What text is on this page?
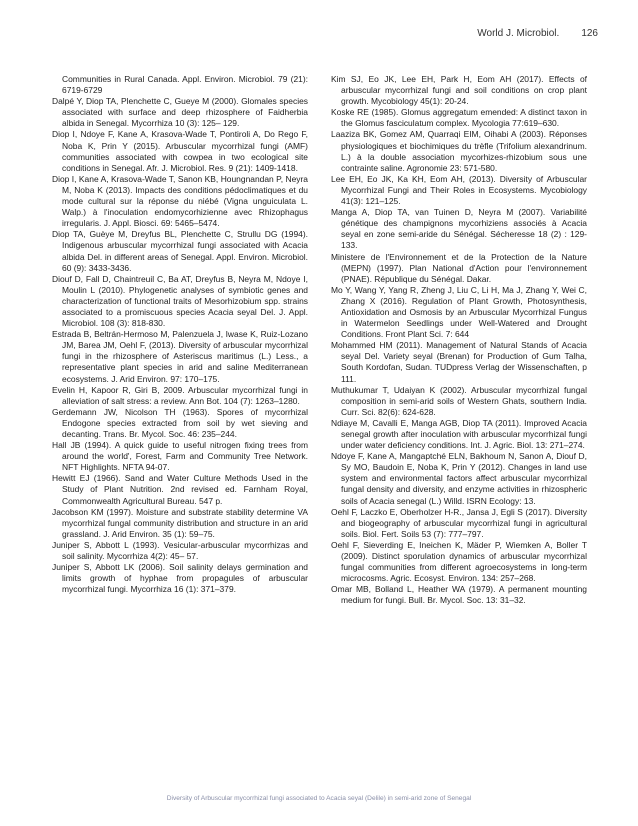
World J. Microbiol. 126

Communities in Rural Canada. Appl. Environ. Microbiol. 79 (21): 6719-6729

Dalpé Y, Diop TA, Plenchette C, Gueye M (2000). Glomales species associated with surface and deep rhizosphere of Faidherbia albida in Senegal. Mycorrhiza 10 (3): 125– 129.

Diop I, Ndoye F, Kane A, Krasova-Wade T, Pontiroli A, Do Rego F, Noba K, Prin Y (2015). Arbuscular mycorrhizal fungi (AMF) communities associated with cowpea in two ecological site conditions in Senegal. Afr. J. Microbiol. Res. 9 (21): 1409-1418.

Diop I, Kane A, Krasova-Wade T, Sanon KB, Houngnandan P, Neyra M, Noba K (2013). Impacts des conditions pédoclimatiques et du mode cultural sur la réponse du niébé (Vigna unguiculata L. Walp.) à l'inoculation endomycorhizienne avec Rhizophagus irregularis. J. Appl. Biosci. 69: 5465–5474.

Diop TA, Guèye M, Dreyfus BL, Plenchette C, Strullu DG (1994). Indigenous arbuscular mycorrhizal fungi associated with Acacia albida Del. in different areas of Senegal. Appl. Environ. Microbiol. 60 (9): 3433-3436.

Diouf D, Fall D, Chaintreuil C, Ba AT, Dreyfus B, Neyra M, Ndoye I, Moulin L (2010). Phylogenetic analyses of symbiotic genes and characterization of functional traits of Mesorhizobium spp. strains associated to a promiscuous species Acacia seyal Del. J. Appl. Microbiol. 108 (3): 818-830.

Estrada B, Beltrán-Hermoso M, Palenzuela J, Iwase K, Ruiz-Lozano JM, Barea JM, Oehl F, (2013). Diversity of arbuscular mycorrhizal fungi in the rhizosphere of Asteriscus maritimus (L.) Less., a representative plant species in arid and saline Mediterranean ecosystems. J. Arid Environ. 97: 170–175.

Evelin H, Kapoor R, Giri B, 2009. Arbuscular mycorrhizal fungi in alleviation of salt stress: a review. Ann Bot. 104 (7): 1263–1280.

Gerdemann JW, Nicolson TH (1963). Spores of mycorrhizal Endogone species extracted from soil by wet sieving and decanting. Trans. Br. Mycol. Soc. 46: 235–244.

Hall JB (1994). A quick guide to useful nitrogen fixing trees from around the world', Forest, Farm and Community Tree Network. NFT Highlights. NFTA 94-07.

Hewitt EJ (1966). Sand and Water Culture Methods Used in the Study of Plant Nutrition. 2nd revised ed. Farnham Royal, Commonwealth Agricultural Bureau. 547 p.

Jacobson KM (1997). Moisture and substrate stability determine VA mycorrhizal fungal community distribution and structure in an arid grassland. J. Arid Environ. 35 (1): 59–75.

Juniper S, Abbott L (1993). Vesicular-arbuscular mycorrhizas and soil salinity. Mycorrhiza 4(2): 45– 57.

Juniper S, Abbott LK (2006). Soil salinity delays germination and limits growth of hyphae from propagules of arbuscular mycorrhizal fungi. Mycorrhiza 16 (1): 371–379.

Kim SJ, Eo JK, Lee EH, Park H, Eom AH (2017). Effects of arbuscular mycorrhizal fungi and soil conditions on crop plant growth. Mycobiology 45(1): 20-24.

Koske RE (1985). Glomus aggregatum emended: A distinct taxon in the Glomus fasciculatum complex. Mycologia 77:619–630.

Laaziza BK, Gomez AM, Quarraqi EIM, Oihabi A (2003). Réponses physiologiques et biochimiques du trèfle (Trifolium alexandrinum. L.) à la double association mycorhizes-rhizobium sous une contrainte saline. Agronomie 23: 571-580.

Lee EH, Eo JK, Ka KH, Eom AH, (2013). Diversity of Arbuscular Mycorrhizal Fungi and Their Roles in Ecosystems. Mycobiology 41(3): 121–125.

Manga A, Diop TA, van Tuinen D, Neyra M (2007). Variabilité génétique des champignons mycorhiziens associés à Acacia seyal en zone semi-aride du Sénégal. Sécheresse 18 (2) : 129-133.

Ministere de l'Environnement et de la Protection de la Nature (MEPN) (1997). Plan National d'Action pour l'environnement (PNAE). République du Sénégal. Dakar.

Mo Y, Wang Y, Yang R, Zheng J, Liu C, Li H, Ma J, Zhang Y, Wei C, Zhang X (2016). Regulation of Plant Growth, Photosynthesis, Antioxidation and Osmosis by an Arbuscular Mycorrhizal Fungus in Watermelon Seedlings under Well-Watered and Drought Conditions. Front Plant Sci. 7: 644

Mohammed HM (2011). Management of Natural Stands of Acacia seyal Del. Variety seyal (Brenan) for Production of Gum Talha, South Kordofan, Sudan. TUDpress Verlag der Wissenschaften, p 111.

Muthukumar T, Udaiyan K (2002). Arbuscular mycorrhizal fungal composition in semi-arid soils of Western Ghats, southern India. Curr. Sci. 82(6): 624-628.

Ndiaye M, Cavalli E, Manga AGB, Diop TA (2011). Improved Acacia senegal growth after inoculation with arbuscular mycorrhizal fungi under water deficiency conditions. Int. J. Agric. Biol. 13: 271–274.

Ndoye F, Kane A, Mangaptché ELN, Bakhoum N, Sanon A, Diouf D, Sy MO, Baudoin E, Noba K, Prin Y (2012). Changes in land use system and environmental factors affect arbuscular mycorrhizal fungal density and diversity, and enzyme activities in rhizospheric soils of Acacia senegal (L.) Willd. ISRN Ecology: 13.

Oehl F, Laczko E, Oberholzer H-R., Jansa J, Egli S (2017). Diversity and biogeography of arbuscular mycorrhizal fungi in agricultural soils. Biol. Fert. Soils 53 (7): 777–797.

Oehl F, Sieverding E, Ineichen K, Mäder P, Wiemken A, Boller T (2009). Distinct sporulation dynamics of arbuscular mycorrhizal fungal communities from different agroecosystems in long-term microcosms. Agric. Ecosyst. Environ. 134: 257–268.

Omar MB, Bolland L, Heather WA (1979). A permanent mounting medium for fungi. Bull. Br. Mycol. Soc. 13: 31–32.

Diversity of Arbuscular mycorrhizal fungi associated to Acacia seyal (Delile) in semi-arid zone of Senegal
